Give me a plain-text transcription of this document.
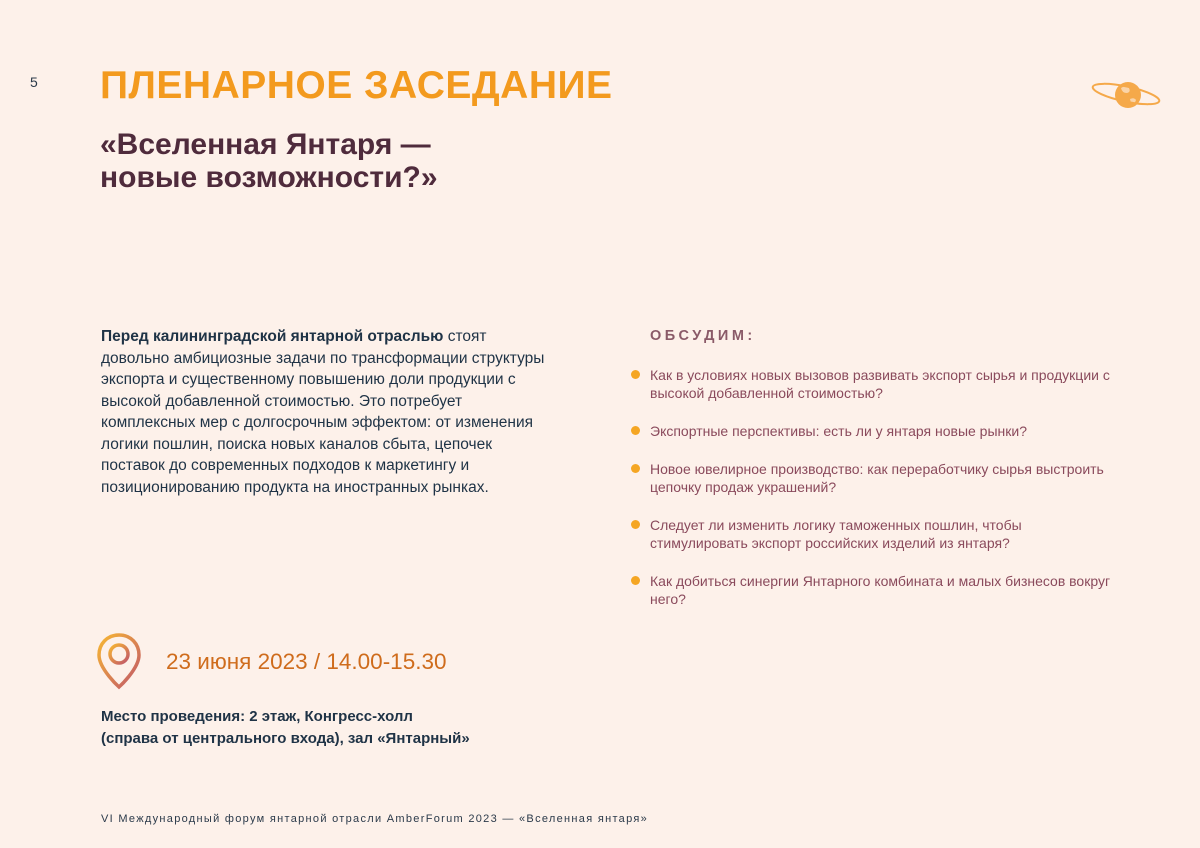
5 ПЛЕНАРНОЕ ЗАСЕДАНИЕ
«Вселенная Янтаря —
новые возможности?»

Перед калининградской янтарной отраслью стоят довольно амбициозные задачи по трансформации структуры экспорта и существенному повышению доли продукции с высокой добавленной стоимостью. Это потребует комплексных мер с долгосрочным эффектом: от изменения логики пошлин, поиска новых каналов сбыта, цепочек поставок до современных подходов к маркетингу и позиционированию продукта на иностранных рынках.

ОБСУДИМ:
Как в условиях новых вызовов развивать экспорт сырья и продукции с высокой добавленной стоимостью?
Экспортные перспективы: есть ли у янтаря новые рынки?
Новое ювелирное производство: как переработчику сырья выстроить цепочку продаж украшений?
Следует ли изменить логику таможенных пошлин, чтобы стимулировать экспорт российских изделий из янтаря?
Как добиться синергии Янтарного комбината и малых бизнесов вокруг него?
23 июня 2023 / 14.00-15.30

Место проведения: 2 этаж, Конгресс-холл
(справа от центрального входа), зал «Янтарный»

VI Международный форум янтарной отрасли AmberForum 2023 — «Вселенная янтаря»
